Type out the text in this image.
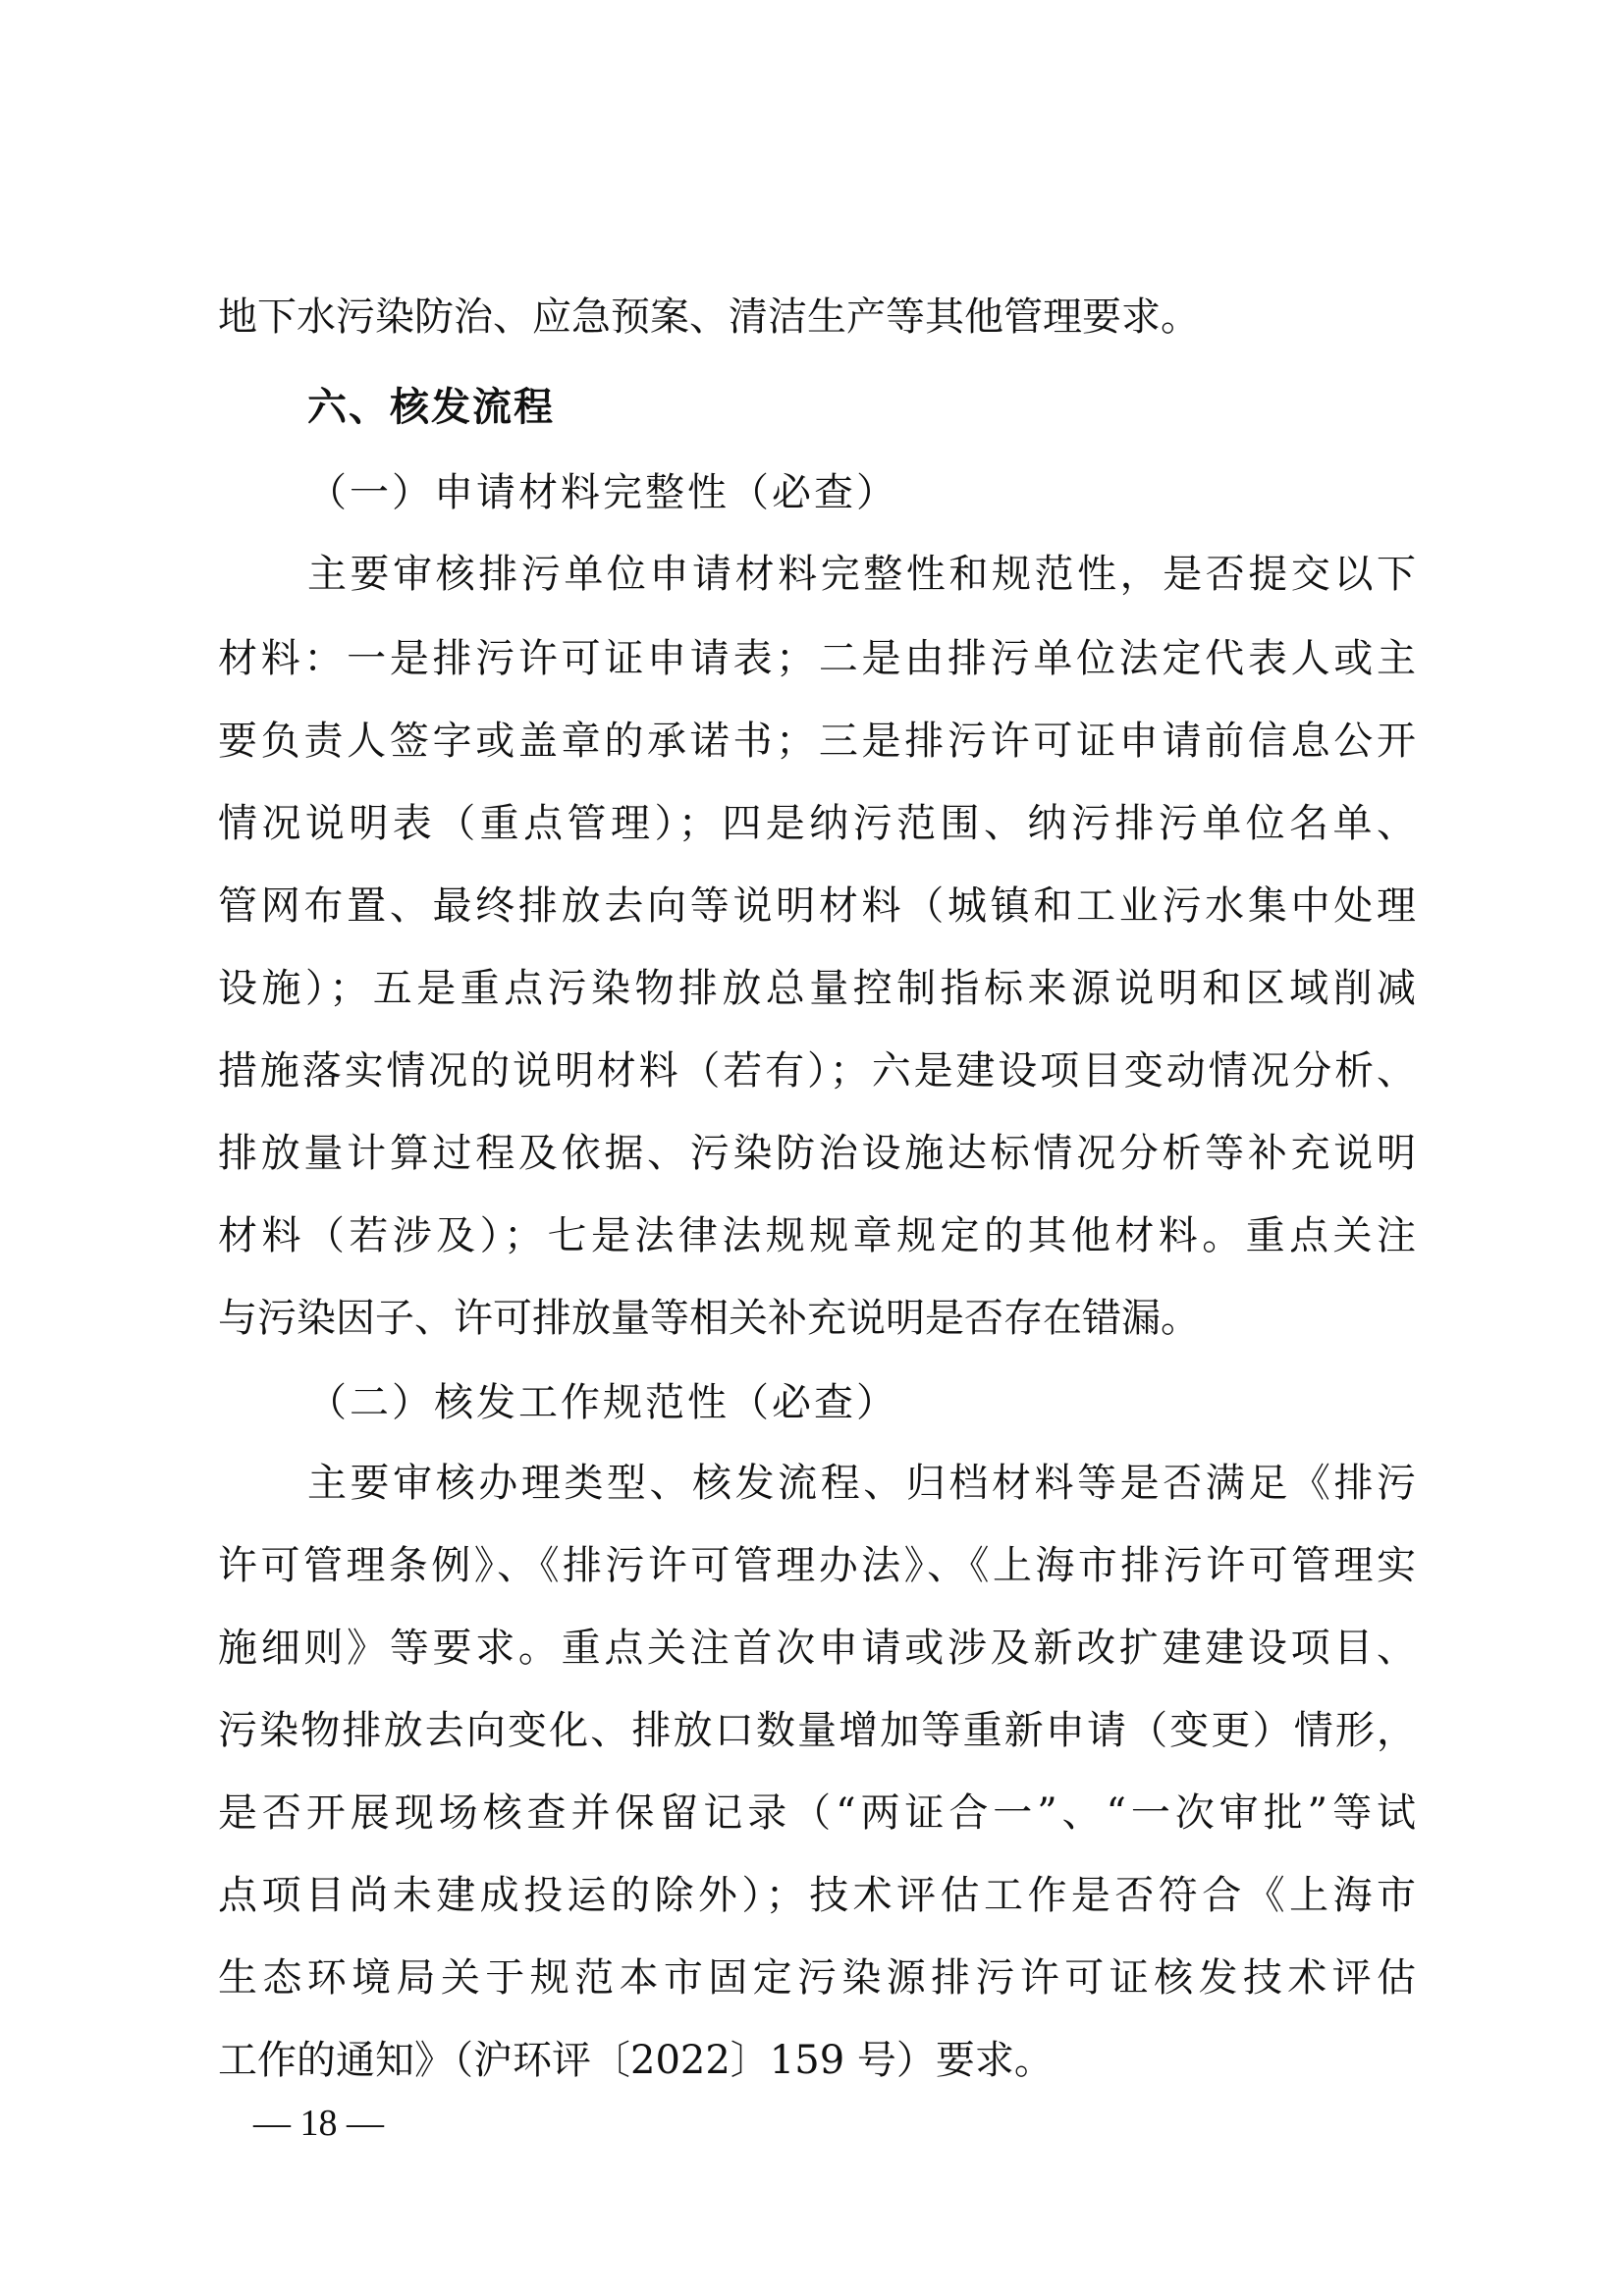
地下水污染防治、应急预案、清洁生产等其他管理要求。
六、核发流程
（一）申请材料完整性（必查）
主要审核排污单位申请材料完整性和规范性，是否提交以下
材料：一是排污许可证申请表；二是由排污单位法定代表人或主
要负责人签字或盖章的承诺书；三是排污许可证申请前信息公开
情况说明表（重点管理）；四是纳污范围、纳污排污单位名单、
管网布置、最终排放去向等说明材料（城镇和工业污水集中处理
设施）；五是重点污染物排放总量控制指标来源说明和区域削减
措施落实情况的说明材料（若有）；六是建设项目变动情况分析、
排放量计算过程及依据、污染防治设施达标情况分析等补充说明
材料（若涉及）；七是法律法规规章规定的其他材料。重点关注
与污染因子、许可排放量等相关补充说明是否存在错漏。
（二）核发工作规范性（必查）
主要审核办理类型、核发流程、归档材料等是否满足《排污
许可管理条例》、《排污许可管理办法》、《上海市排污许可管理实
施细则》等要求。重点关注首次申请或涉及新改扩建建设项目、
污染物排放去向变化、排放口数量增加等重新申请（变更）情形，
是否开展现场核查并保留记录（“两证合一”、“一次审批”等试
点项目尚未建成投运的除外）；技术评估工作是否符合《上海市
生态环境局关于规范本市固定污染源排污许可证核发技术评估
工作的通知》（沪环评〔2022〕159 号）要求。
— 18 —
